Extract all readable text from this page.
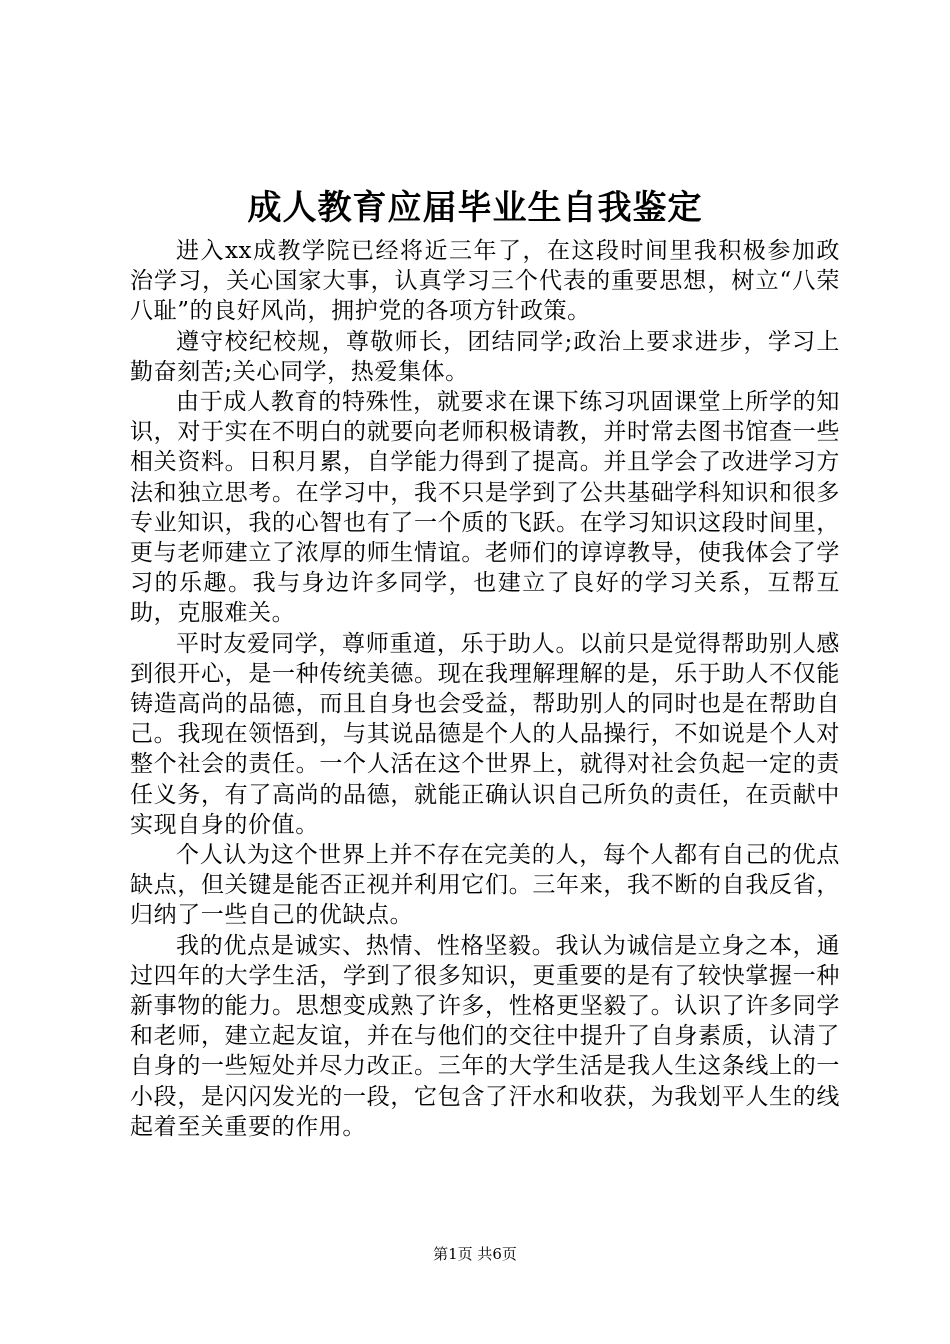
成人教育应届毕业生自我鉴定

进入xx成教学院已经将近三年了，在这段时间里我积极参加政治学习，关心国家大事，认真学习三个代表的重要思想，树立“八荣八耻”的良好风尚，拥护党的各项方针政策。

遵守校纪校规，尊敬师长，团结同学;政治上要求进步，学习上勤奋刻苦;关心同学，热爱集体。

由于成人教育的特殊性，就要求在课下练习巩固课堂上所学的知识，对于实在不明白的就要向老师积极请教，并时常去图书馆查一些相关资料。日积月累，自学能力得到了提高。并且学会了改进学习方法和独立思考。在学习中，我不只是学到了公共基础学科知识和很多专业知识，我的心智也有了一个质的飞跃。在学习知识这段时间里，更与老师建立了浓厚的师生情谊。老师们的谆谆教导，使我体会了学习的乐趣。我与身边许多同学，也建立了良好的学习关系，互帮互助，克服难关。

平时友爱同学，尊师重道，乐于助人。以前只是觉得帮助别人感到很开心，是一种传统美德。现在我理解理解的是，乐于助人不仅能铸造高尚的品德，而且自身也会受益，帮助别人的同时也是在帮助自己。我现在领悟到，与其说品德是个人的人品操行，不如说是个人对整个社会的责任。一个人活在这个世界上，就得对社会负起一定的责任义务，有了高尚的品德，就能正确认识自己所负的责任，在贡献中实现自身的价值。

个人认为这个世界上并不存在完美的人，每个人都有自己的优点缺点，但关键是能否正视并利用它们。三年来，我不断的自我反省，归纳了一些自己的优缺点。

我的优点是诚实、热情、性格坚毅。我认为诚信是立身之本，通过四年的大学生活，学到了很多知识，更重要的是有了较快掌握一种新事物的能力。思想变成熟了许多，性格更坚毅了。认识了许多同学和老师，建立起友谊，并在与他们的交往中提升了自身素质，认清了自身的一些短处并尽力改正。三年的大学生活是我人生这条线上的一小段，是闪闪发光的一段，它包含了汗水和收获，为我划平人生的线起着至关重要的作用。

第1页 共6页
